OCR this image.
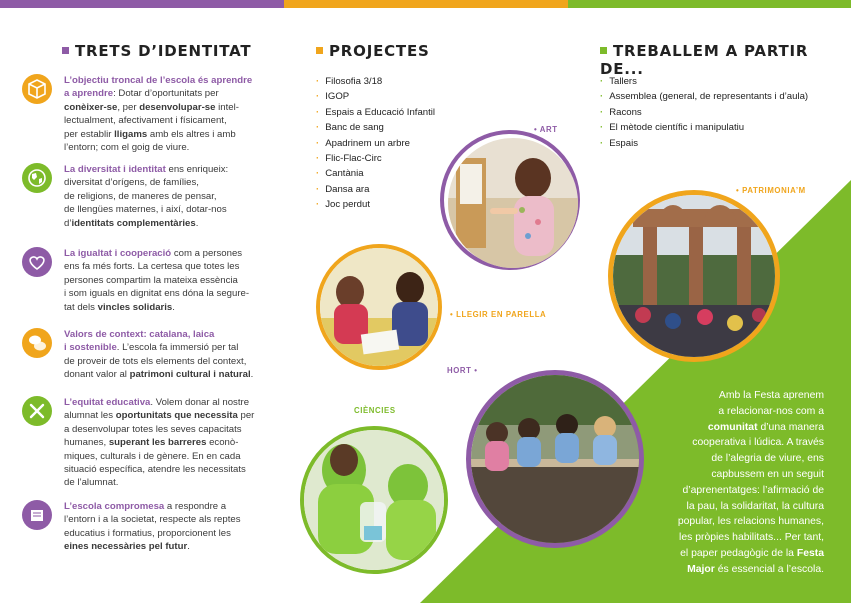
TRETS D’IDENTITAT	PROJECTES	TREBALLEM A PARTIR DE...

L’objectiu troncal de l’escola és aprendre
a aprendre: Dotar d’oportunitats per
conèixer-se, per desenvolupar-se intel-
lectualment, afectivament i físicament,
per establir lligams amb els altres i amb
l’entorn; com el goig de viure.

La diversitat i identitat ens enriqueix:
diversitat d’orígens, de famílies,
de religions, de maneres de pensar,
de llengües maternes, i així, dotar-nos
d’identitats complementàries.

La igualtat i cooperació com a persones
ens fa més forts. La certesa que totes les
persones compartim la mateixa essència
i som iguals en dignitat ens dóna la segure-
tat dels vincles solidaris.

Valors de context: catalana, laica
i sostenible. L’escola fa immersió per tal
de proveir de tots els elements del context,
donant valor al patrimoni cultural i natural.

L’equitat educativa. Volem donar al nostre
alumnat les oportunitats que necessita per
a desenvolupar totes les seves capacitats
humanes, superant les barreres econò-
miques, culturals i de gènere. En en cada
situació específica, atendre les necessitats
de l’alumnat.

L’escola compromesa a respondre a
l’entorn i a la societat, respecte als reptes
educatius i formatius, proporcionent les
eines necessàries pel futur.

· Filosofia 3/18
· IGOP
· Espais a Educació Infantil
· Banc de sang
· Apadrinem un arbre
· Flic-Flac-Circ
· Cantània
· Dansa ara
· Joc perdut
· Tallers
· Assemblea (general, de representants i d’aula)
· Racons
· El mètode científic i manipulatiu
· Espais
• ART
• PATRIMONIA’M
• LLEGIR EN PARELLA
HORT •
CIÈNCIES
Amb la Festa aprenem
a relacionar-nos com a
comunitat d’una manera
cooperativa i lúdica. A través
de l’alegria de viure, ens
capbussem en un seguit
d’aprenentatges: l’afirmació de
la pau, la solidaritat, la cultura
popular, les relacions humanes,
les pròpies habilitats... Per tant,
el paper pedagògic de la Festa
Major és essencial a l’escola.
